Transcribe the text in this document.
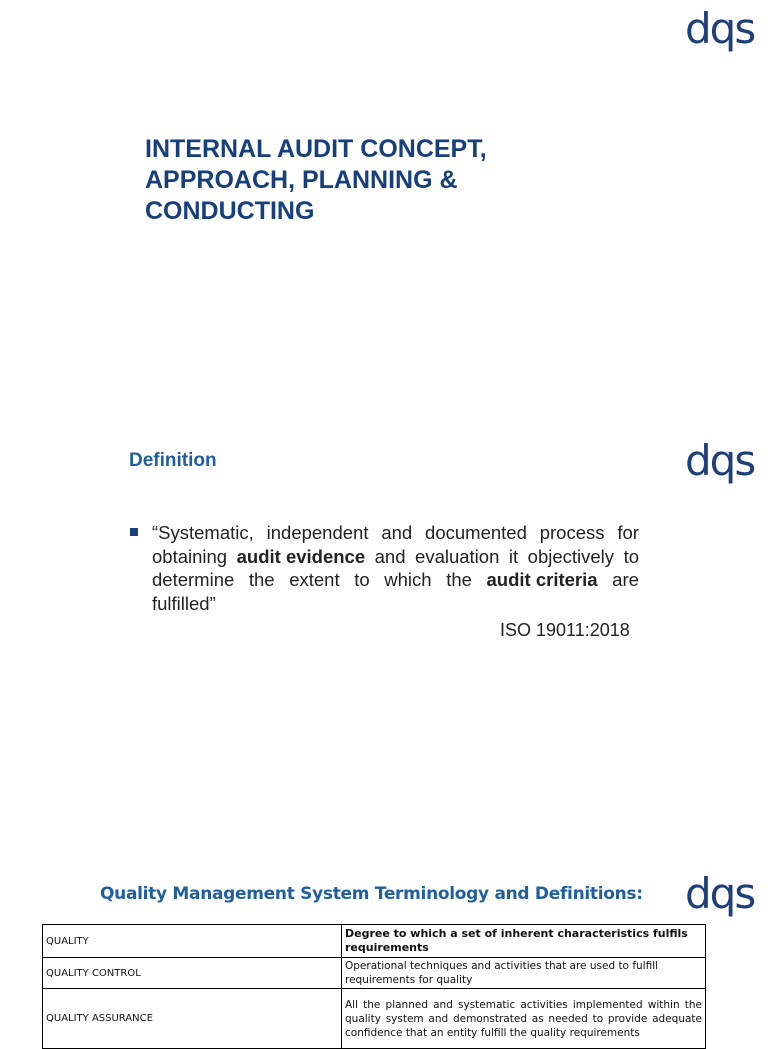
dqs
INTERNAL AUDIT CONCEPT,
APPROACH, PLANNING &
CONDUCTING
dqs
Definition
“Systematic, independent and documented process for
obtaining audit evidence and evaluation it objectively to
determine the extent to which the audit criteria are
fulfilled”
ISO 19011:2018
dqs
Quality Management System Terminology and Definitions:
QUALITY	Degree to which a set of inherent characteristics fulfils requirements
QUALITY CONTROL	Operational techniques and activities that are used to fulfill requirements for quality
QUALITY ASSURANCE	All the planned and systematic activities implemented within the quality system and demonstrated as needed to provide adequate confidence that an entity fulfill the quality requirements
